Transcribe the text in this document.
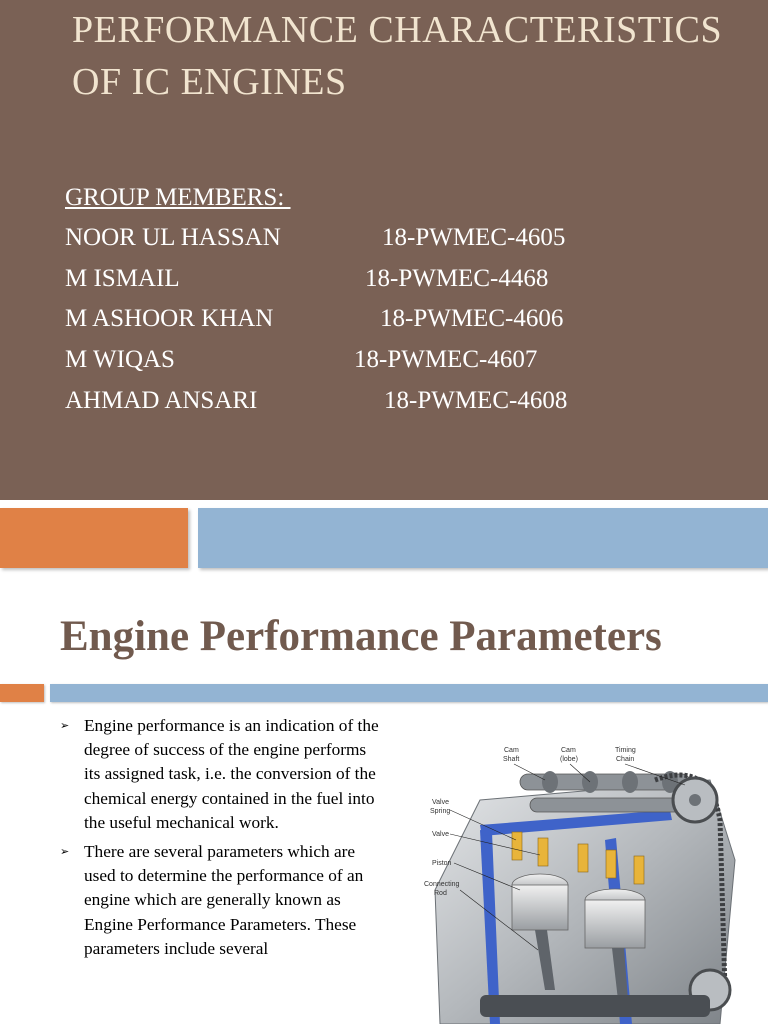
PERFORMANCE CHARACTERISTICS OF IC ENGINES
GROUP MEMBERS:
NOOR UL HASSAN	18-PWMEC-4605
M ISMAIL	18-PWMEC-4468
M ASHOOR KHAN	18-PWMEC-4606
M WIQAS	18-PWMEC-4607
AHMAD ANSARI	18-PWMEC-4608
Engine Performance Parameters
➢ Engine performance is an indication of the degree of success of the engine performs its assigned task, i.e. the conversion of the chemical energy contained in the fuel into the useful mechanical work.
➢ There are several parameters which are used to determine the performance of an engine which are generally known as Engine Performance Parameters. These parameters include several
Cam
Shaft
Cam
(lobe)
Timing
Chain
Valve
Spring
Valve
Piston
Connecting
Rod
